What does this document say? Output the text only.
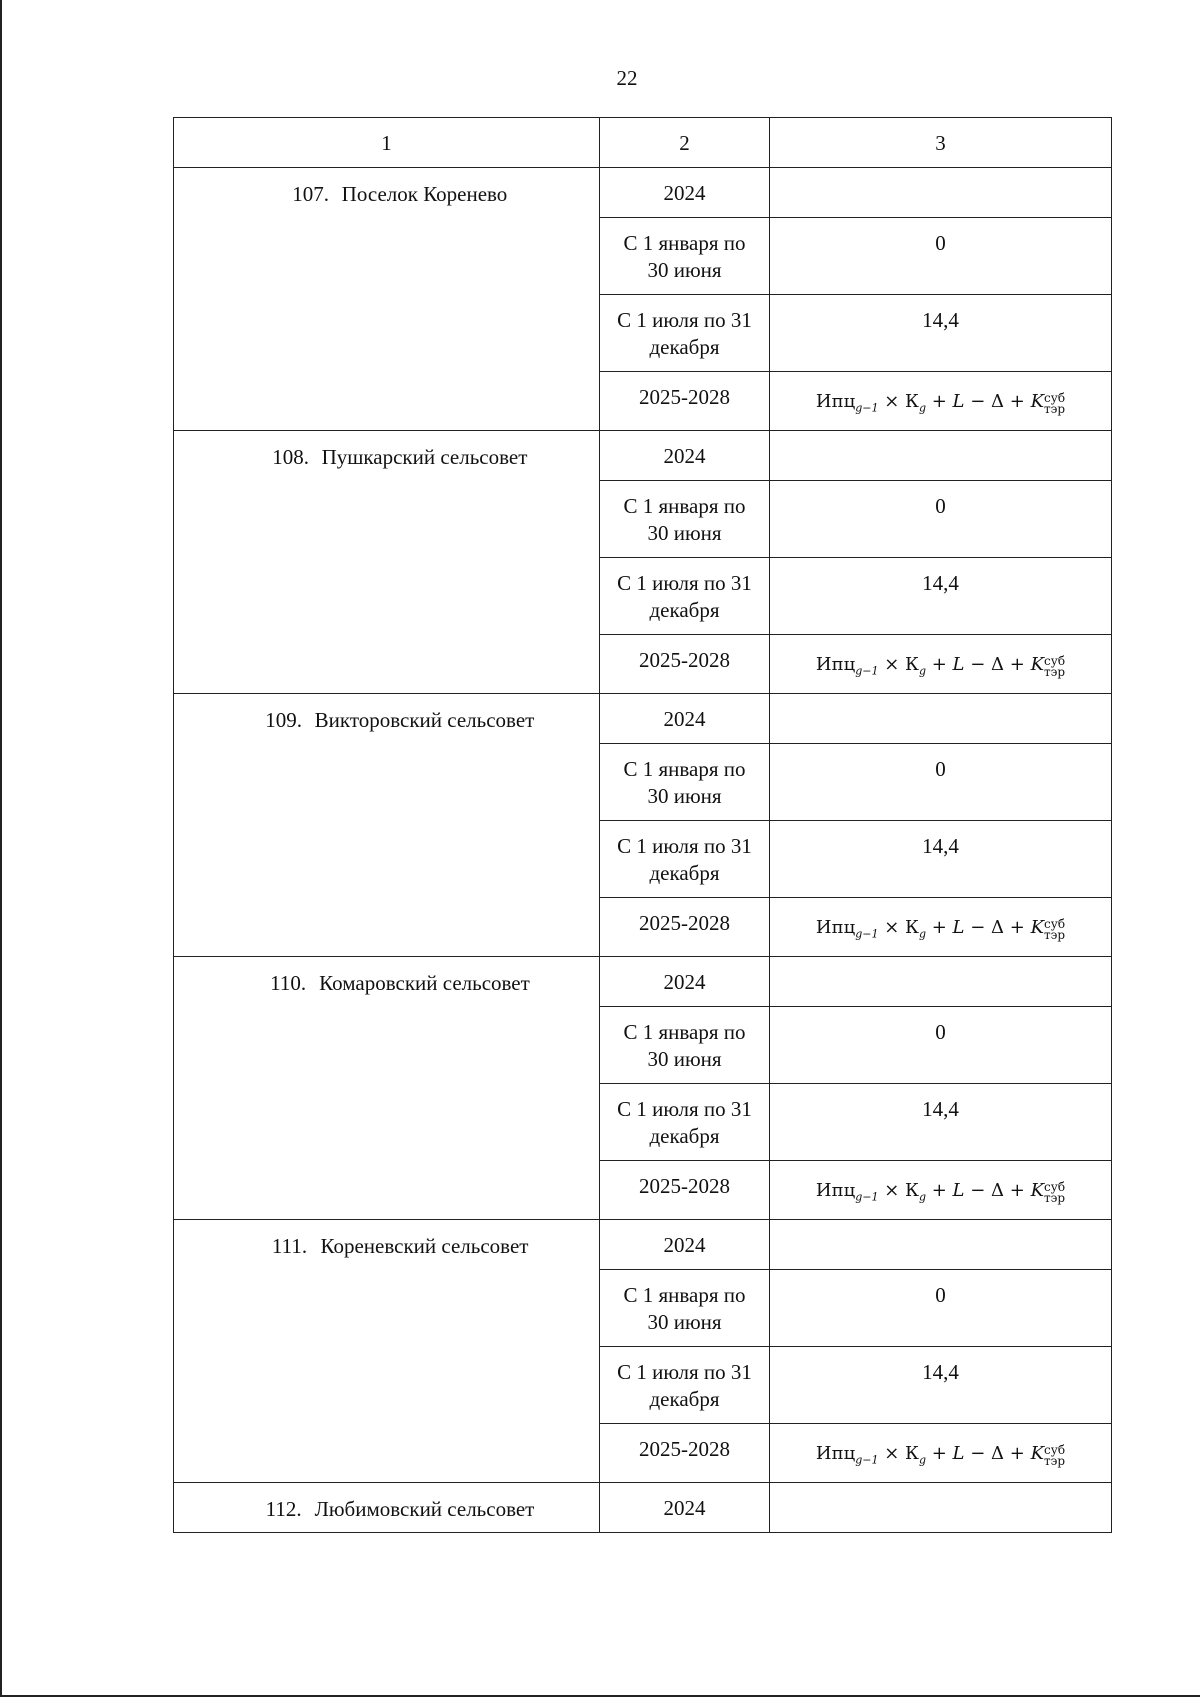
22
1	2	3

107. Поселок Коренево	2024	

	С 1 января по
30 июня	0

	С 1 июля по 31
декабря	14,4

	2025-2028	$Ипц_{g-1} \times К_g + L - \Delta + K$ суб
тэр

108. Пушкарский сельсовет	2024	

	С 1 января по
30 июня	0

	С 1 июля по 31
декабря	14,4

	2025-2028	$Ипц_{g-1} \times К_g + L - \Delta + K$ суб
тэр

109. Викторовский сельсовет	2024	

	С 1 января по
30 июня	0

	С 1 июля по 31
декабря	14,4

	2025-2028	$Ипц_{g-1} \times К_g + L - \Delta + K$ суб
тэр

110. Комаровский сельсовет	2024	

	С 1 января по
30 июня	0

	С 1 июля по 31
декабря	14,4

	2025-2028	$Ипц_{g-1} \times К_g + L - \Delta + K$ суб
тэр

111. Кореневский сельсовет	2024	

	С 1 января по
30 июня	0

	С 1 июля по 31
декабря	14,4

	2025-2028	$Ипц_{g-1} \times К_g + L - \Delta + K$ суб
тэр

112. Любимовский сельсовет	2024	
